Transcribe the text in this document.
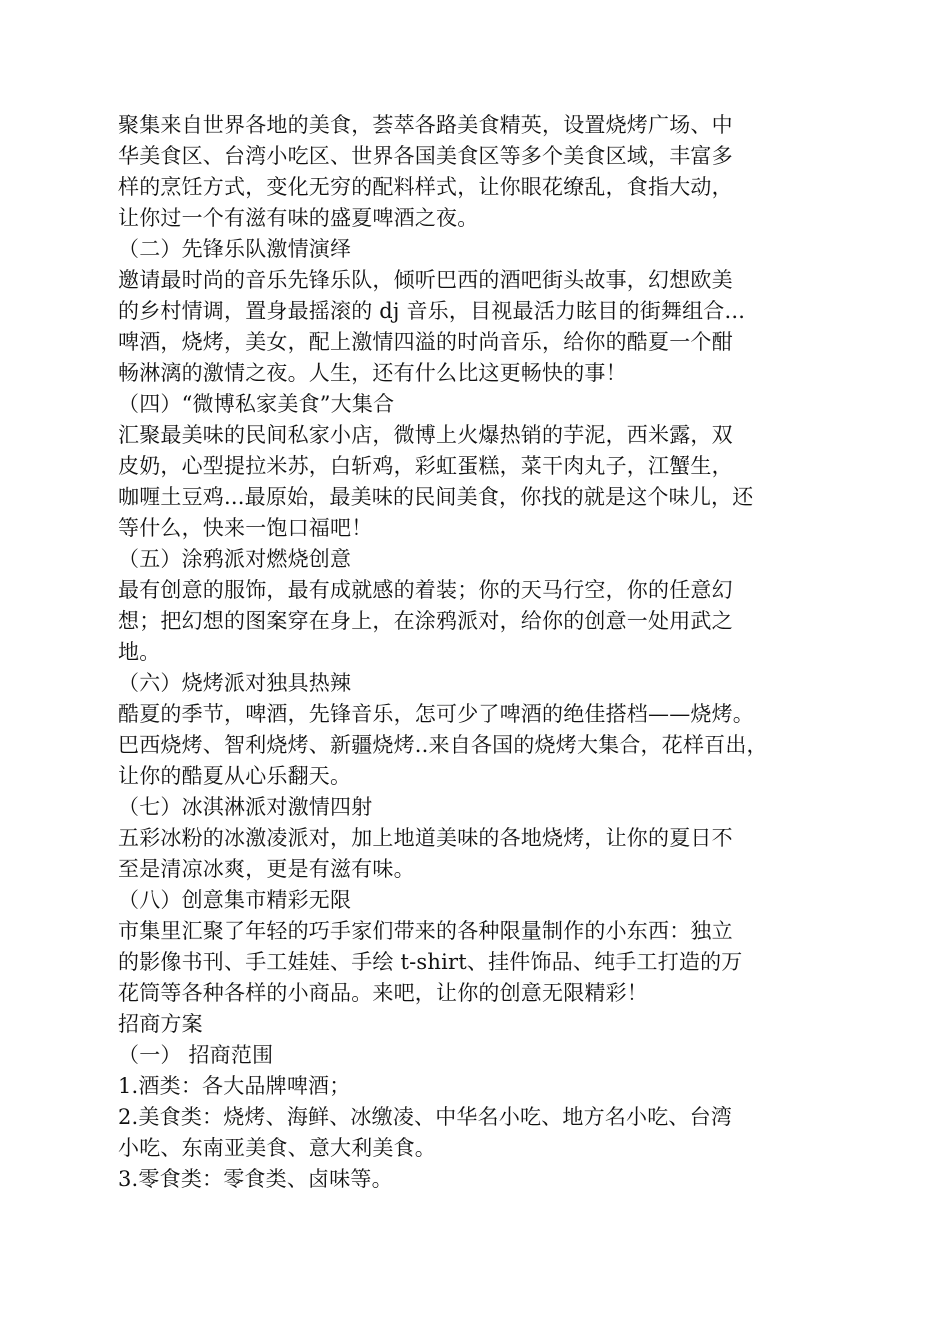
聚集来自世界各地的美食，荟萃各路美食精英，设置烧烤广场、中
华美食区、台湾小吃区、世界各国美食区等多个美食区域，丰富多
样的烹饪方式，变化无穷的配料样式，让你眼花缭乱，食指大动，
让你过一个有滋有味的盛夏啤酒之夜。
（二）先锋乐队激情演绎
邀请最时尚的音乐先锋乐队，倾听巴西的酒吧街头故事，幻想欧美
的乡村情调，置身最摇滚的 dj 音乐，目视最活力眩目的街舞组合...
啤酒，烧烤，美女，配上激情四溢的时尚音乐，给你的酷夏一个酣
畅淋漓的激情之夜。人生，还有什么比这更畅快的事！
（四）“微博私家美食”大集合
汇聚最美味的民间私家小店，微博上火爆热销的芋泥，西米露，双
皮奶，心型提拉米苏，白斩鸡，彩虹蛋糕，菜干肉丸子，江蟹生，
咖喱土豆鸡...最原始，最美味的民间美食，你找的就是这个味儿，还
等什么，快来一饱口福吧！
（五）涂鸦派对燃烧创意
最有创意的服饰，最有成就感的着装；你的天马行空，你的任意幻
想；把幻想的图案穿在身上，在涂鸦派对，给你的创意一处用武之
地。
（六）烧烤派对独具热辣
酷夏的季节，啤酒，先锋音乐，怎可少了啤酒的绝佳搭档——烧烤。
巴西烧烤、智利烧烤、新疆烧烤..来自各国的烧烤大集合，花样百出，
让你的酷夏从心乐翻天。
（七）冰淇淋派对激情四射
五彩冰粉的冰激凌派对，加上地道美味的各地烧烤，让你的夏日不
至是清凉冰爽，更是有滋有味。
（八）创意集市精彩无限
市集里汇聚了年轻的巧手家们带来的各种限量制作的小东西：独立
的影像书刊、手工娃娃、手绘 t-shirt、挂件饰品、纯手工打造的万
花筒等各种各样的小商品。来吧，让你的创意无限精彩！
招商方案
（一） 招商范围
1.酒类：各大品牌啤酒；
2.美食类：烧烤、海鲜、冰缴凌、中华名小吃、地方名小吃、台湾
小吃、东南亚美食、意大利美食。
3.零食类：零食类、卤味等。
